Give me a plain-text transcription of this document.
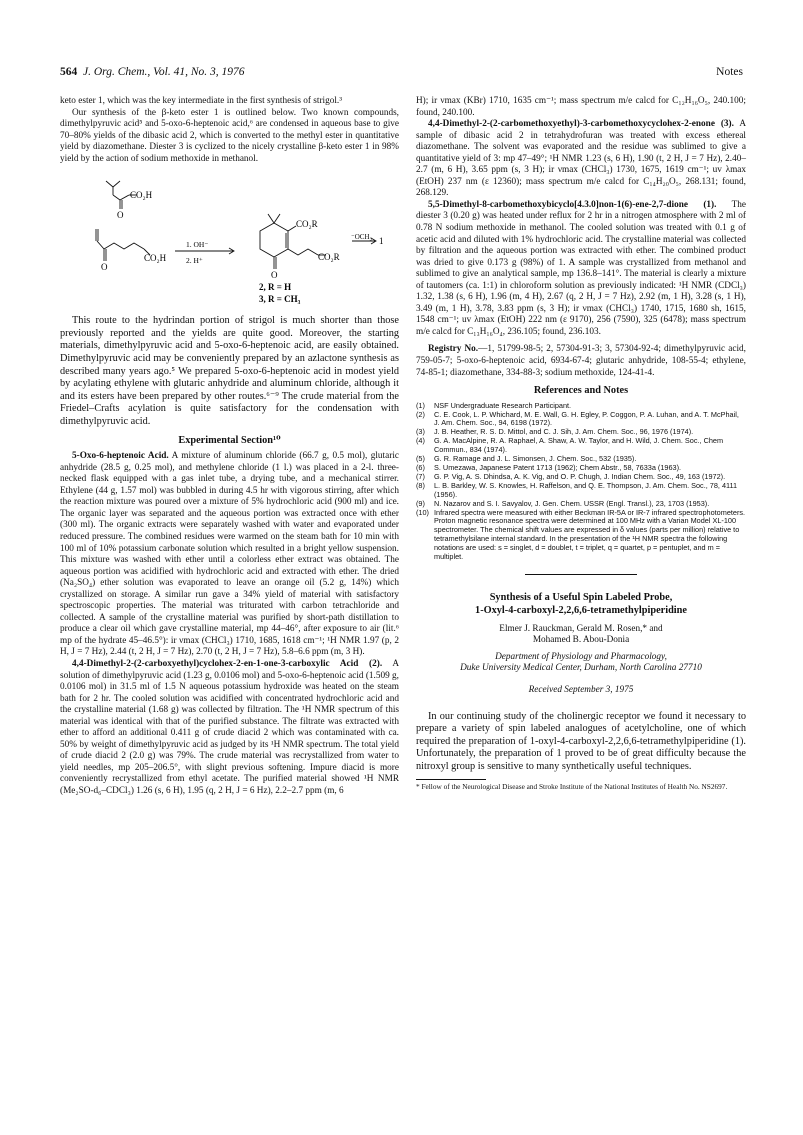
564 J. Org. Chem., Vol. 41, No. 3, 1976	Notes

keto ester 1, which was the key intermediate in the first synthesis of strigol.³

Our synthesis of the β-keto ester 1 is outlined below. Two known compounds, dimethylpyruvic acid⁵ and 5-oxo-6-heptenoic acid,⁶ are condensed in aqueous base to give 70–80% yields of the dibasic acid 2, which is converted to the methyl ester in quantitative yield by diazomethane. Diester 3 is cyclized to the nicely crystalline β-keto ester 1 in 98% yield by the action of sodium methoxide in methanol.

CO₂H
O
CO₂H
O
1. OH⁻
2. H⁺
CO₂R
CO₂R
O
⁻OCH₃ 1
2, R = H
3, R = CH₃

This route to the hydrindan portion of strigol is much shorter than those previously reported and the yields are quite good. Moreover, the starting materials, dimethylpyruvic acid and 5-oxo-6-heptenoic acid, are easily obtained. Dimethylpyruvic acid may be conveniently prepared by an azlactone synthesis as described many years ago.⁵ We prepared 5-oxo-6-heptenoic acid in modest yield by acylating ethylene with glutaric anhydride and aluminum chloride, although it and its esters have been prepared by other routes.⁶⁻⁹ The crude material from the Friedel–Crafts acylation is quite satisfactory for the condensation with dimethylpyruvic acid.

Experimental Section¹⁰

5-Oxo-6-heptenoic Acid. A mixture of aluminum chloride (66.7 g, 0.5 mol), glutaric anhydride (28.5 g, 0.25 mol), and methylene chloride (1 l.) was placed in a 2-l. three-necked flask equipped with a gas inlet tube, a drying tube, and a mechanical stirrer. Ethylene (44 g, 1.57 mol) was bubbled in during 4.5 hr with vigorous stirring, after which the reaction mixture was poured over a mixture of 5% hydrochloric acid (900 ml) and ice. The organic layer was separated and the aqueous portion was extracted once with ether (300 ml). The organic extracts were separately washed with water and evaporated under reduced pressure. The combined residues were warmed on the steam bath for 10 min with 100 ml of 10% potassium carbonate solution which resulted in a bright yellow suspension. This mixture was washed with ether until a colorless ether extract was obtained. The aqueous portion was acidified with hydrochloric acid and extracted with ether. The dried (Na₂SO₄) ether solution was evaporated to leave an orange oil (5.2 g, 14%) which crystallized on storage. A similar run gave a 34% yield of material with satisfactory spectroscopic properties. The material was triturated with carbon tetrachloride and collected. A sample of the crystalline material was purified by short-path distillation to produce a clear oil which gave crystalline material, mp 44–46°, after exposure to air (lit.⁶ mp of the hydrate 45–46.5°): ir νmax (CHCl₃) 1710, 1685, 1618 cm⁻¹; ¹H NMR 1.97 (p, 2 H, J = 7 Hz), 2.44 (t, 2 H, J = 7 Hz), 2.70 (t, 2 H, J = 7 Hz), 5.8–6.6 ppm (m, 3 H).

4,4-Dimethyl-2-(2-carboxyethyl)cyclohex-2-en-1-one-3-carboxylic Acid (2). A solution of dimethylpyruvic acid (1.23 g, 0.0106 mol) and 5-oxo-6-heptenoic acid (1.509 g, 0.0106 mol) in 31.5 ml of 1.5 N aqueous potassium hydroxide was heated on the steam bath for 2 hr. The cooled solution was acidified with concentrated hydrochloric acid and the crystalline material (1.68 g) was collected by filtration. The ¹H NMR spectrum of this material was identical with that of the purified substance. The filtrate was extracted with ether to afford an additional 0.411 g of crude diacid 2 which was contaminated with ca. 50% by weight of dimethylpyruvic acid as judged by its ¹H NMR spectrum. The total yield of crude diacid 2 (2.0 g) was 79%. The crude material was recrystallized from water to yield needles, mp 205–206.5°, with slight previous softening. Impure diacid is more conveniently recrystallized from ethyl acetate. The purified material showed ¹H NMR (Me₂SO-d₆–CDCl₃) 1.26 (s, 6 H), 1.95 (q, 2 H, J = 6 Hz), 2.2–2.7 ppm (m, 6

H); ir νmax (KBr) 1710, 1635 cm⁻¹; mass spectrum m/e calcd for C₁₂H₁₆O₅, 240.100; found, 240.100.

4,4-Dimethyl-2-(2-carbomethoxyethyl)-3-carbomethoxycyclohex-2-enone (3). A sample of dibasic acid 2 in tetrahydrofuran was treated with excess ethereal diazomethane. The solvent was evaporated and the residue was sublimed to give a quantitative yield of 3: mp 47–49°; ¹H NMR 1.23 (s, 6 H), 1.90 (t, 2 H, J = 7 Hz), 2.40–2.7 (m, 6 H), 3.65 ppm (s, 3 H); ir νmax (CHCl₃) 1730, 1675, 1619 cm⁻¹; uv λmax (EtOH) 237 nm (ε 12360); mass spectrum m/e calcd for C₁₄H₂₀O₅, 268.131; found, 268.129.

5,5-Dimethyl-8-carbomethoxybicyclo[4.3.0]non-1(6)-ene-2,7-dione (1). The diester 3 (0.20 g) was heated under reflux for 2 hr in a nitrogen atmosphere with 2 ml of 0.78 N sodium methoxide in methanol. The cooled solution was treated with 0.1 g of acetic acid and diluted with 1% hydrochloric acid. The crystalline material was collected by filtration and the aqueous portion was extracted with ether. The combined product was dried to give 0.173 g (98%) of 1. A sample was crystallized from methanol and sublimed to give an analytical sample, mp 136.8–141°. The material is clearly a mixture of tautomers (ca. 1:1) in chloroform solution as previously indicated: ¹H NMR (CDCl₃) 1.32, 1.38 (s, 6 H), 1.96 (m, 4 H), 2.67 (q, 2 H, J = 7 Hz), 2.92 (m, 1 H), 3.28 (s, 1 H), 3.49 (m, 1 H), 3.78, 3.83 ppm (s, 3 H); ir νmax (CHCl₃) 1740, 1715, 1680 sh, 1615, 1548 cm⁻¹; uv λmax (EtOH) 222 nm (ε 9170), 256 (7590), 325 (6478); mass spectrum m/e calcd for C₁₃H₁₆O₄, 236.105; found, 236.103.

Registry No.—1, 51799-98-5; 2, 57304-91-3; 3, 57304-92-4; dimethylpyruvic acid, 759-05-7; 5-oxo-6-heptenoic acid, 6934-67-4; glutaric anhydride, 108-55-4; ethylene, 74-85-1; diazomethane, 334-88-3; sodium methoxide, 124-41-4.

References and Notes
(1)	NSF Undergraduate Research Participant.
(2)	C. E. Cook, L. P. Whichard, M. E. Wall, G. H. Egley, P. Coggon, P. A. Luhan, and A. T. McPhail, J. Am. Chem. Soc., 94, 6198 (1972).
(3)	J. B. Heather, R. S. D. Mittol, and C. J. Sih, J. Am. Chem. Soc., 96, 1976 (1974).
(4)	G. A. MacAlpine, R. A. Raphael, A. Shaw, A. W. Taylor, and H. Wild, J. Chem. Soc., Chem Commun., 834 (1974).
(5)	G. R. Ramage and J. L. Simonsen, J. Chem. Soc., 532 (1935).
(6)	S. Umezawa, Japanese Patent 1713 (1962); Chem Abstr., 58, 7633a (1963).
(7)	G. P. Vig, A. S. Dhindsa, A. K. Vig, and O. P. Chugh, J. Indian Chem. Soc., 49, 163 (1972).
(8)	L. B. Barkley, W. S. Knowles, H. Raffelson, and Q. E. Thompson, J. Am. Chem. Soc., 78, 4111 (1956).
(9)	N. Nazarov and S. I. Savyalov, J. Gen. Chem. USSR (Engl. Transl.), 23, 1703 (1953).
(10) Infrared spectra were measured with either Beckman IR-5A or IR-7 infrared spectrophotometers. Proton magnetic resonance spectra were determined at 100 MHz with a Varian Model XL-100 spectrometer. The chemical shift values are expressed in δ values (parts per million) relative to tetramethylsilane internal standard. In the presentation of the ¹H NMR spectra the following notations are used: s = singlet, d = doublet, t = triplet, q = quartet, p = pentuplet, and m = multiplet.
Synthesis of a Useful Spin Labeled Probe,
1-Oxyl-4-carboxyl-2,2,6,6-tetramethylpiperidine
Elmer J. Rauckman, Gerald M. Rosen,* and
Mohamed B. Abou-Donia
Department of Physiology and Pharmacology,
Duke University Medical Center, Durham, North Carolina 27710
Received September 3, 1975

In our continuing study of the cholinergic receptor we found it necessary to prepare a variety of spin labeled analogues of acetylcholine, one of which required the preparation of 1-oxyl-4-carboxyl-2,2,6,6-tetramethylpiperidine (1). Unfortunately, the preparation of 1 proved to be of great difficulty because the nitroxyl group is sensitive to many synthetically useful techniques.

* Fellow of the Neurological Disease and Stroke Institute of the National Institutes of Health No. NS2697.
